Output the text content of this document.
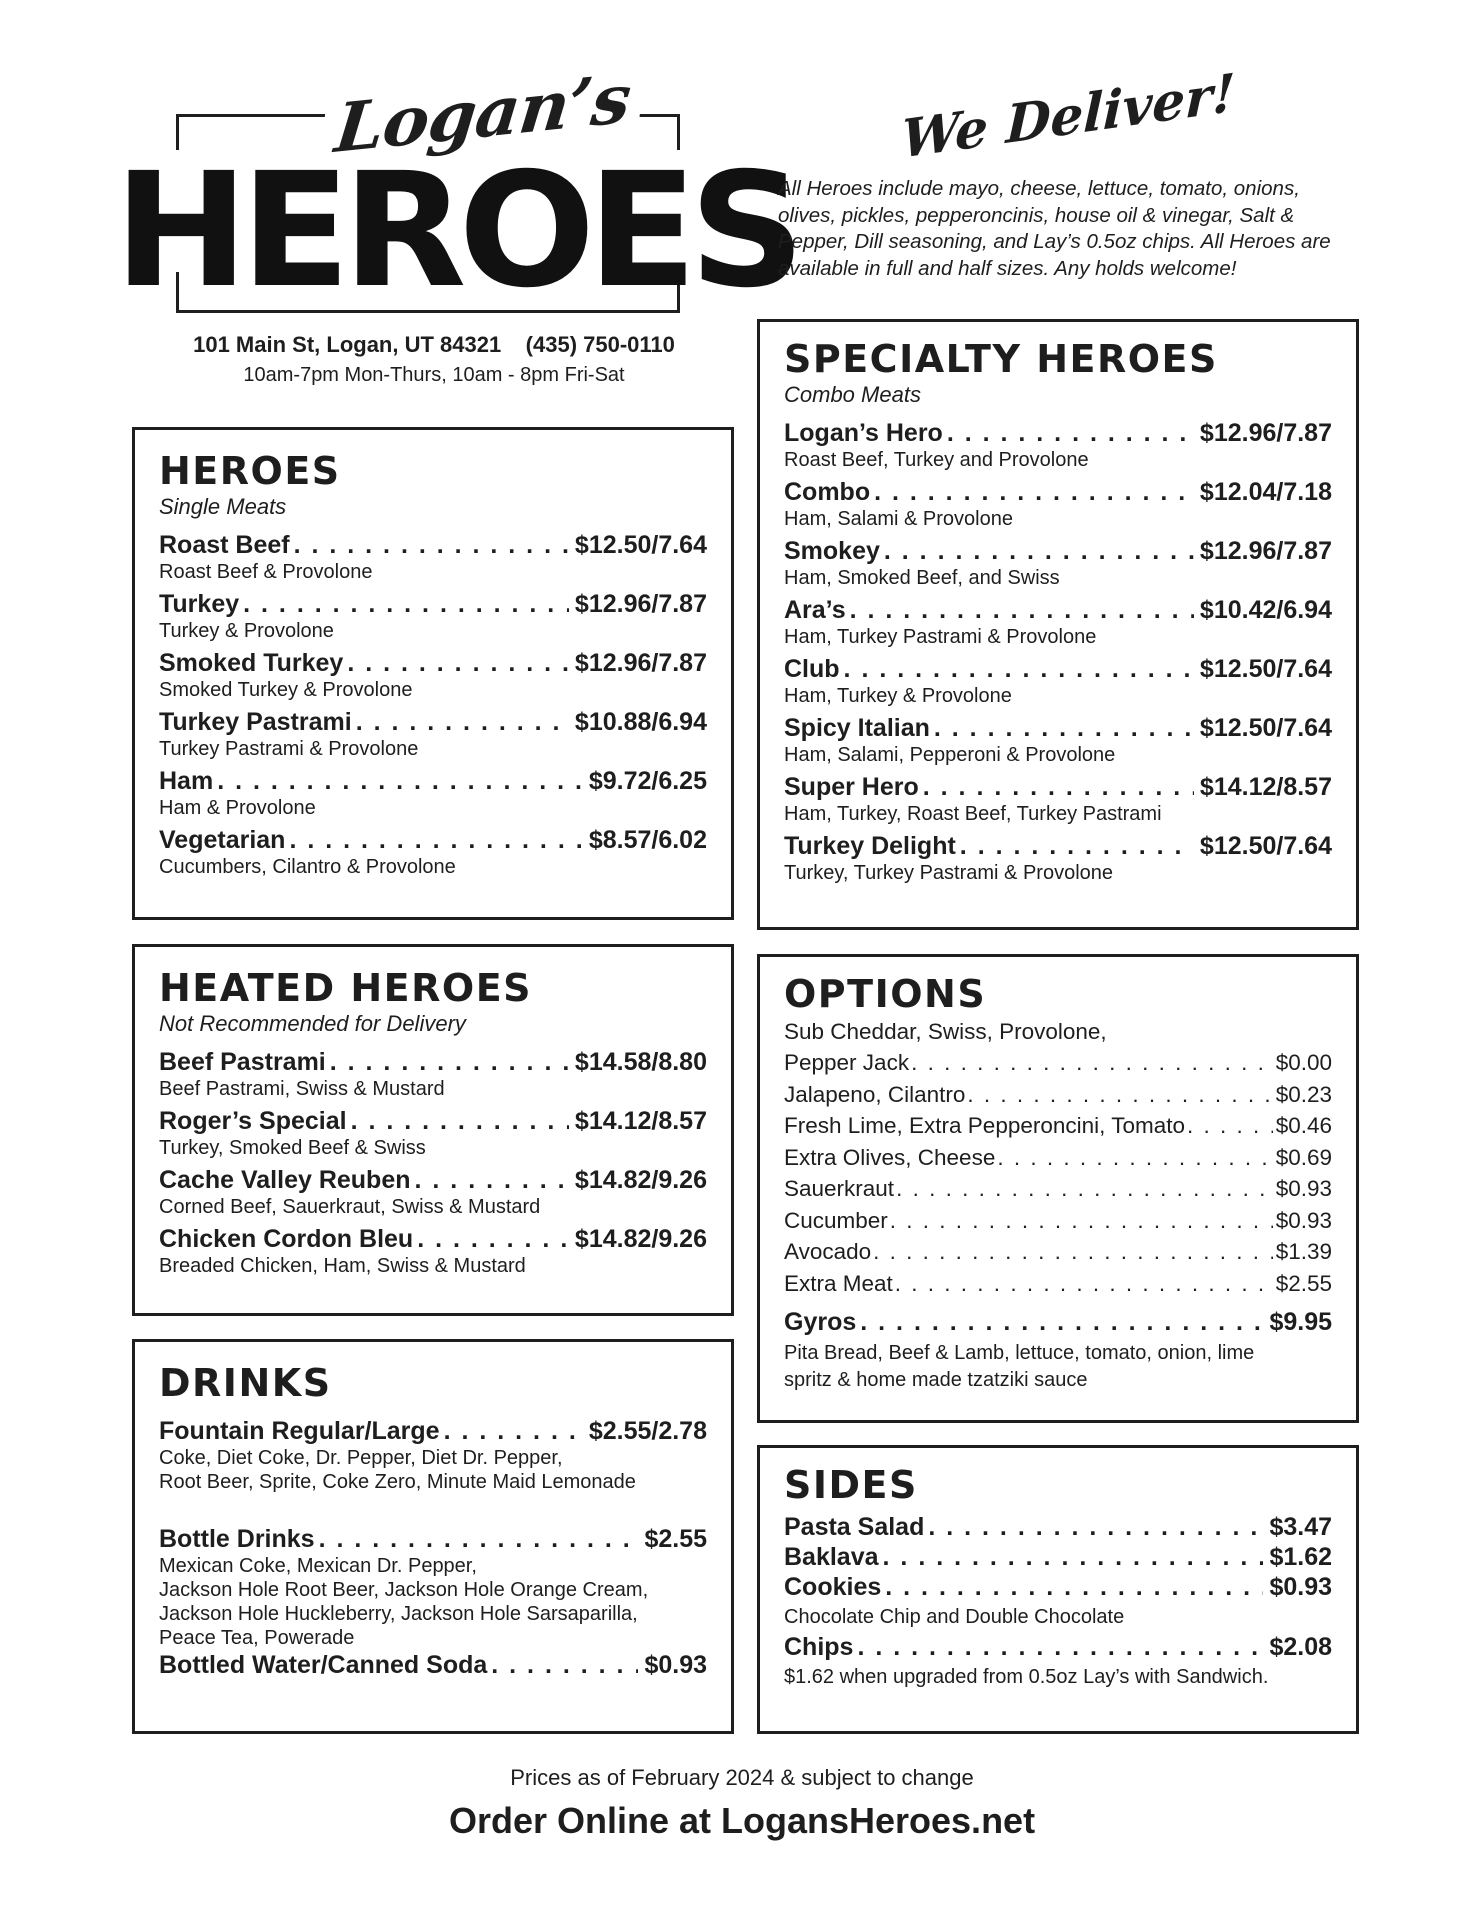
Logan’s
HEROES
We Deliver!
All Heroes include mayo, cheese, lettuce, tomato, onions, olives, pickles, pepperoncinis, house oil & vinegar, Salt & Pepper, Dill seasoning, and Lay’s 0.5oz chips. All Heroes are available in full and half sizes. Any holds welcome!
101 Main St, Logan, UT 84321    (435) 750-0110
10am-7pm Mon-Thurs, 10am - 8pm Fri-Sat
HEROES
Single Meats
Roast Beef . . .	$12.50/7.64
Roast Beef & Provolone
Turkey . . .	$12.96/7.87
Turkey & Provolone
Smoked Turkey . . .	$12.96/7.87
Smoked Turkey & Provolone
Turkey Pastrami . . .	$10.88/6.94
Turkey Pastrami & Provolone
Ham . . .	$9.72/6.25
Ham & Provolone
Vegetarian . . .	$8.57/6.02
Cucumbers, Cilantro & Provolone
HEATED HEROES
Not Recommended for Delivery
Beef Pastrami . . .	$14.58/8.80
Beef Pastrami, Swiss & Mustard
Roger’s Special . . .	$14.12/8.57
Turkey, Smoked Beef & Swiss
Cache Valley Reuben . . .	$14.82/9.26
Corned Beef, Sauerkraut, Swiss & Mustard
Chicken Cordon Bleu . . .	$14.82/9.26
Breaded Chicken, Ham, Swiss & Mustard
DRINKS
Fountain Regular/Large . . .	$2.55/2.78
Coke, Diet Coke, Dr. Pepper, Diet Dr. Pepper,
Root Beer, Sprite, Coke Zero, Minute Maid Lemonade
Bottle Drinks . . .	$2.55
Mexican Coke, Mexican Dr. Pepper,
Jackson Hole Root Beer, Jackson Hole Orange Cream,
Jackson Hole Huckleberry, Jackson Hole Sarsaparilla,
Peace Tea, Powerade
Bottled Water/Canned Soda . . .	$0.93
SPECIALTY HEROES
Combo Meats
Logan’s Hero . . .	$12.96/7.87
Roast Beef, Turkey and Provolone
Combo . . .	$12.04/7.18
Ham, Salami & Provolone
Smokey . . .	$12.96/7.87
Ham, Smoked Beef, and Swiss
Ara’s . . .	$10.42/6.94
Ham, Turkey Pastrami & Provolone
Club . . .	$12.50/7.64
Ham, Turkey & Provolone
Spicy Italian . . .	$12.50/7.64
Ham, Salami, Pepperoni & Provolone
Super Hero . . .	$14.12/8.57
Ham, Turkey, Roast Beef, Turkey Pastrami
Turkey Delight . . .	$12.50/7.64
Turkey, Turkey Pastrami & Provolone
OPTIONS
Sub Cheddar, Swiss, Provolone,
Pepper Jack . . .	$0.00
Jalapeno, Cilantro . . .	$0.23
Fresh Lime, Extra Pepperoncini, Tomato . . .	$0.46
Extra Olives, Cheese . . .	$0.69
Sauerkraut . . .	$0.93
Cucumber . . .	$0.93
Avocado . . .	$1.39
Extra Meat . . .	$2.55
Gyros . . .	$9.95
Pita Bread, Beef & Lamb, lettuce, tomato, onion, lime
spritz & home made tzatziki sauce
SIDES
Pasta Salad . . .	$3.47
Baklava . . .	$1.62
Cookies . . .	$0.93
Chocolate Chip and Double Chocolate
Chips . . .	$2.08
$1.62 when upgraded from 0.5oz Lay’s with Sandwich.
Prices as of February 2024 & subject to change
Order Online at LogansHeroes.net
